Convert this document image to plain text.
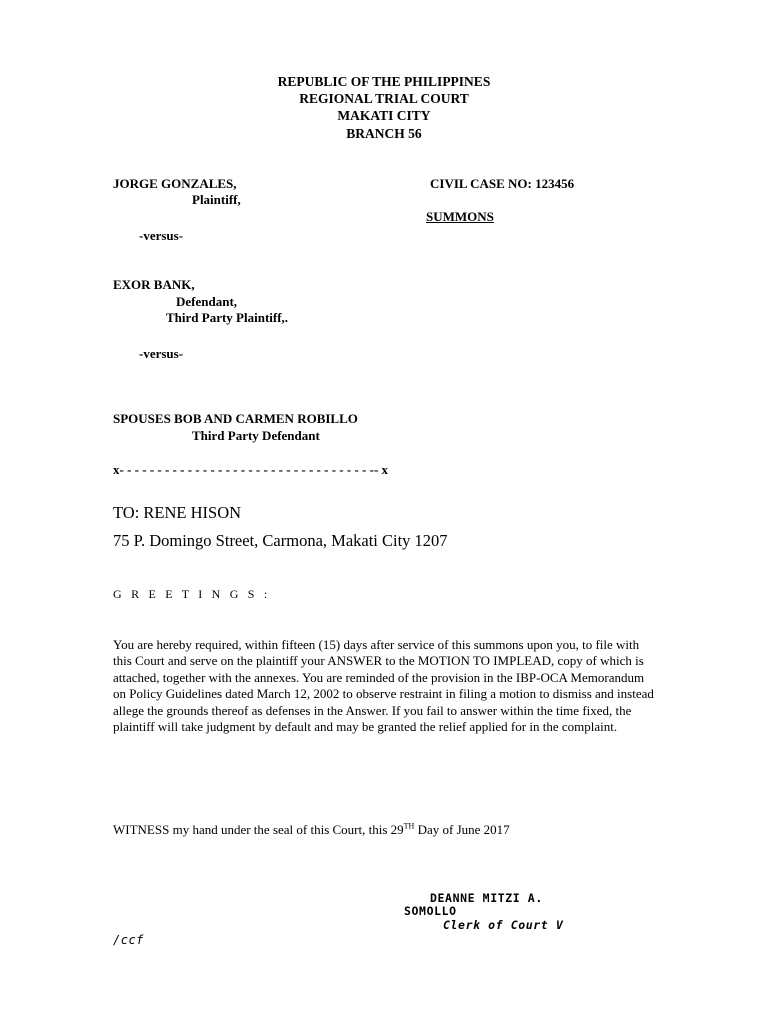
REPUBLIC OF THE PHILIPPINES
REGIONAL TRIAL COURT
MAKATI CITY
BRANCH 56
JORGE GONZALES,
Plaintiff,
CIVIL CASE NO: 123456
SUMMONS
-versus-
EXOR BANK,
Defendant,
Third Party Plaintiff,.
-versus-
SPOUSES BOB AND CARMEN ROBILLO
Third Party Defendant
x- - - - - - - - - - - - - - - - - - - - - - - - - - - - - - - - - -- x
TO: RENE HISON
75 P. Domingo Street, Carmona, Makati City 1207
G R E E T I N G S :
You are hereby required, within fifteen (15) days after service of this summons upon you, to file with this Court and serve on the plaintiff your ANSWER to the MOTION TO IMPLEAD, copy of which is attached, together with the annexes. You are reminded of the provision in the IBP-OCA Memorandum on Policy Guidelines dated March 12, 2002 to observe restraint in filing a motion to dismiss and instead allege the grounds thereof as defenses in the Answer. If you fail to answer within the time fixed, the plaintiff will take judgment by default and may be granted the relief applied for in the complaint.
WITNESS my hand under the seal of this Court, this 29TH Day of June 2017
DEANNE MITZI A.
SOMOLLO
Clerk of Court V
/ccf
